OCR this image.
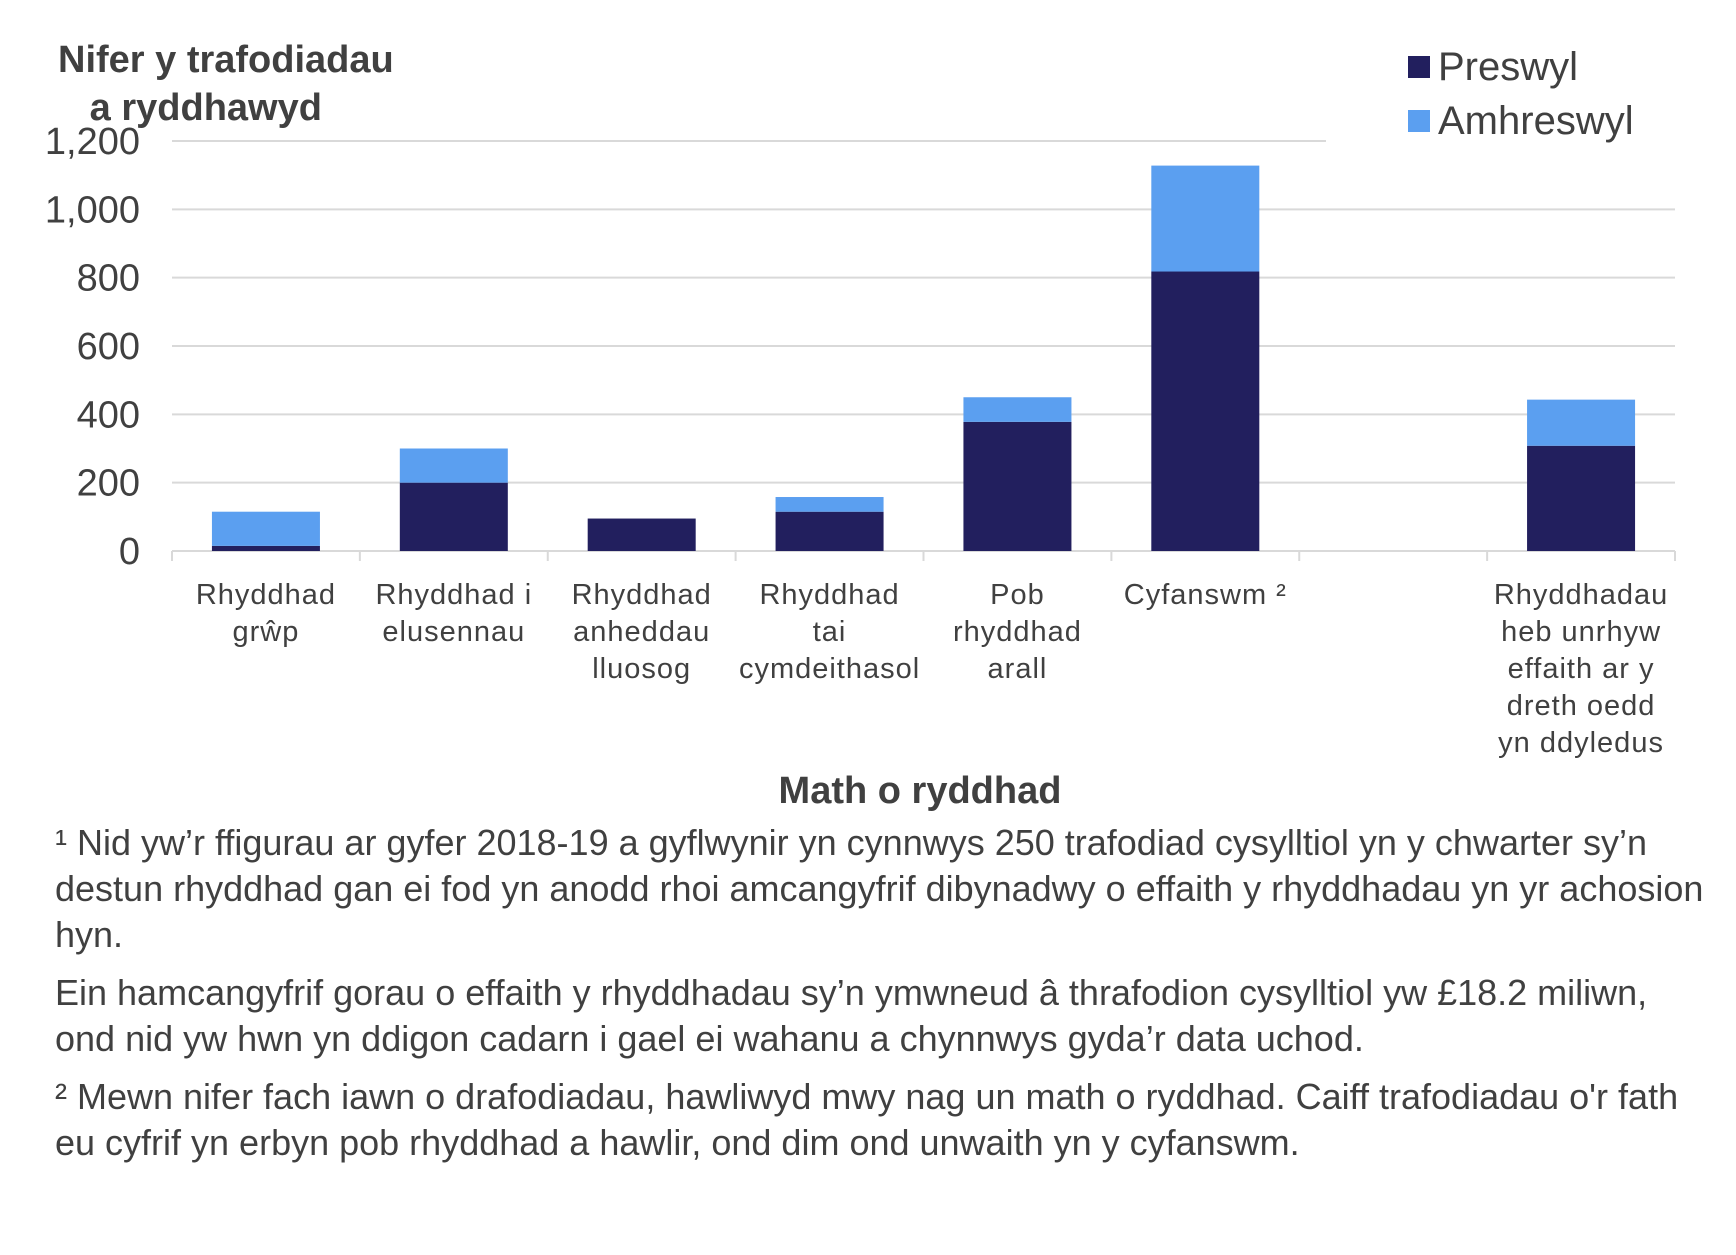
0
200
400
600
800
1,000
1,200
Rhyddhad
grŵp
Rhyddhad i
elusennau
Rhyddhad
anheddau
lluosog
Rhyddhad
tai
cymdeithasol
Pob
rhyddhad
arall
Cyfanswm ²	Rhyddhadau
heb unrhyw
effaith ar y
dreth oedd
yn ddyledus
Nifer y trafodiadau
a ryddhawyd
Preswyl
Amhreswyl
Math o ryddhad

¹ Nid yw’r ffigurau ar gyfer 2018-19 a gyflwynir yn cynnwys 250 trafodiad cysylltiol yn y chwarter sy’n destun rhyddhad gan ei fod yn anodd rhoi amcangyfrif dibynadwy o effaith y rhyddhadau yn yr achosion hyn.

Ein hamcangyfrif gorau o effaith y rhyddhadau sy’n ymwneud â thrafodion cysylltiol yw £18.2 miliwn, ond nid yw hwn yn ddigon cadarn i gael ei wahanu a chynnwys gyda’r data uchod.

² Mewn nifer fach iawn o drafodiadau, hawliwyd mwy nag un math o ryddhad. Caiff trafodiadau o'r fath eu cyfrif yn erbyn pob rhyddhad a hawlir, ond dim ond unwaith yn y cyfanswm.
